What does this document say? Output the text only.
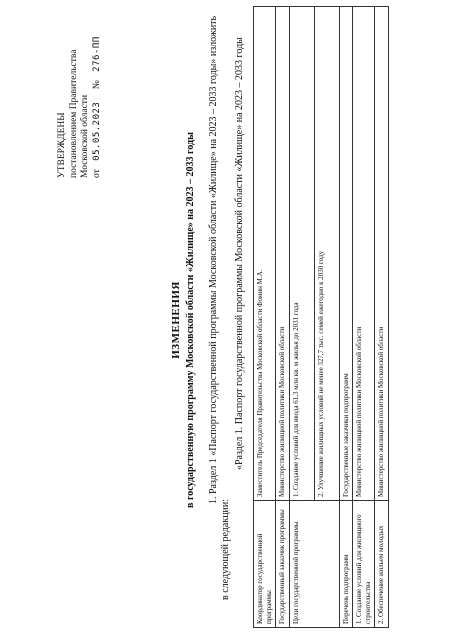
УТВЕРЖДЕНЫ постановлением Правительства Московской области от 05.05.2023 № 276-ПП
ИЗМЕНЕНИЯ в государственную программу Московской области «Жилище» на 2023 – 2033 годы 1. Раздел 1 «Паспорт государственной программы Московской области «Жилище» на 2023 – 2033 годы» изложить
в следующей редакции:
«Раздел 1. Паспорт государственной программы Московской области «Жилище» на 2023 – 2033 годы
Координатор государственной программы	Заместитель Председателя Правительства Московской области Фомин М.А.
Государственный заказчик программы	Министерство жилищной политики Московской области
Цели государственной программы	1. Создание условий для ввода 61,3 млн кв. м жилья до 2031 года
	2. Улучшение жилищных условий не менее 327,7 тыс. семей ежегодно к 2030 году
Перечень подпрограмм	Государственные заказчики подпрограмм
1. Создание условий для жилищного строительства	Министерство жилищной политики Московской области
2. Обеспечение жильем молодых	Министерство жилищной политики Московской области
